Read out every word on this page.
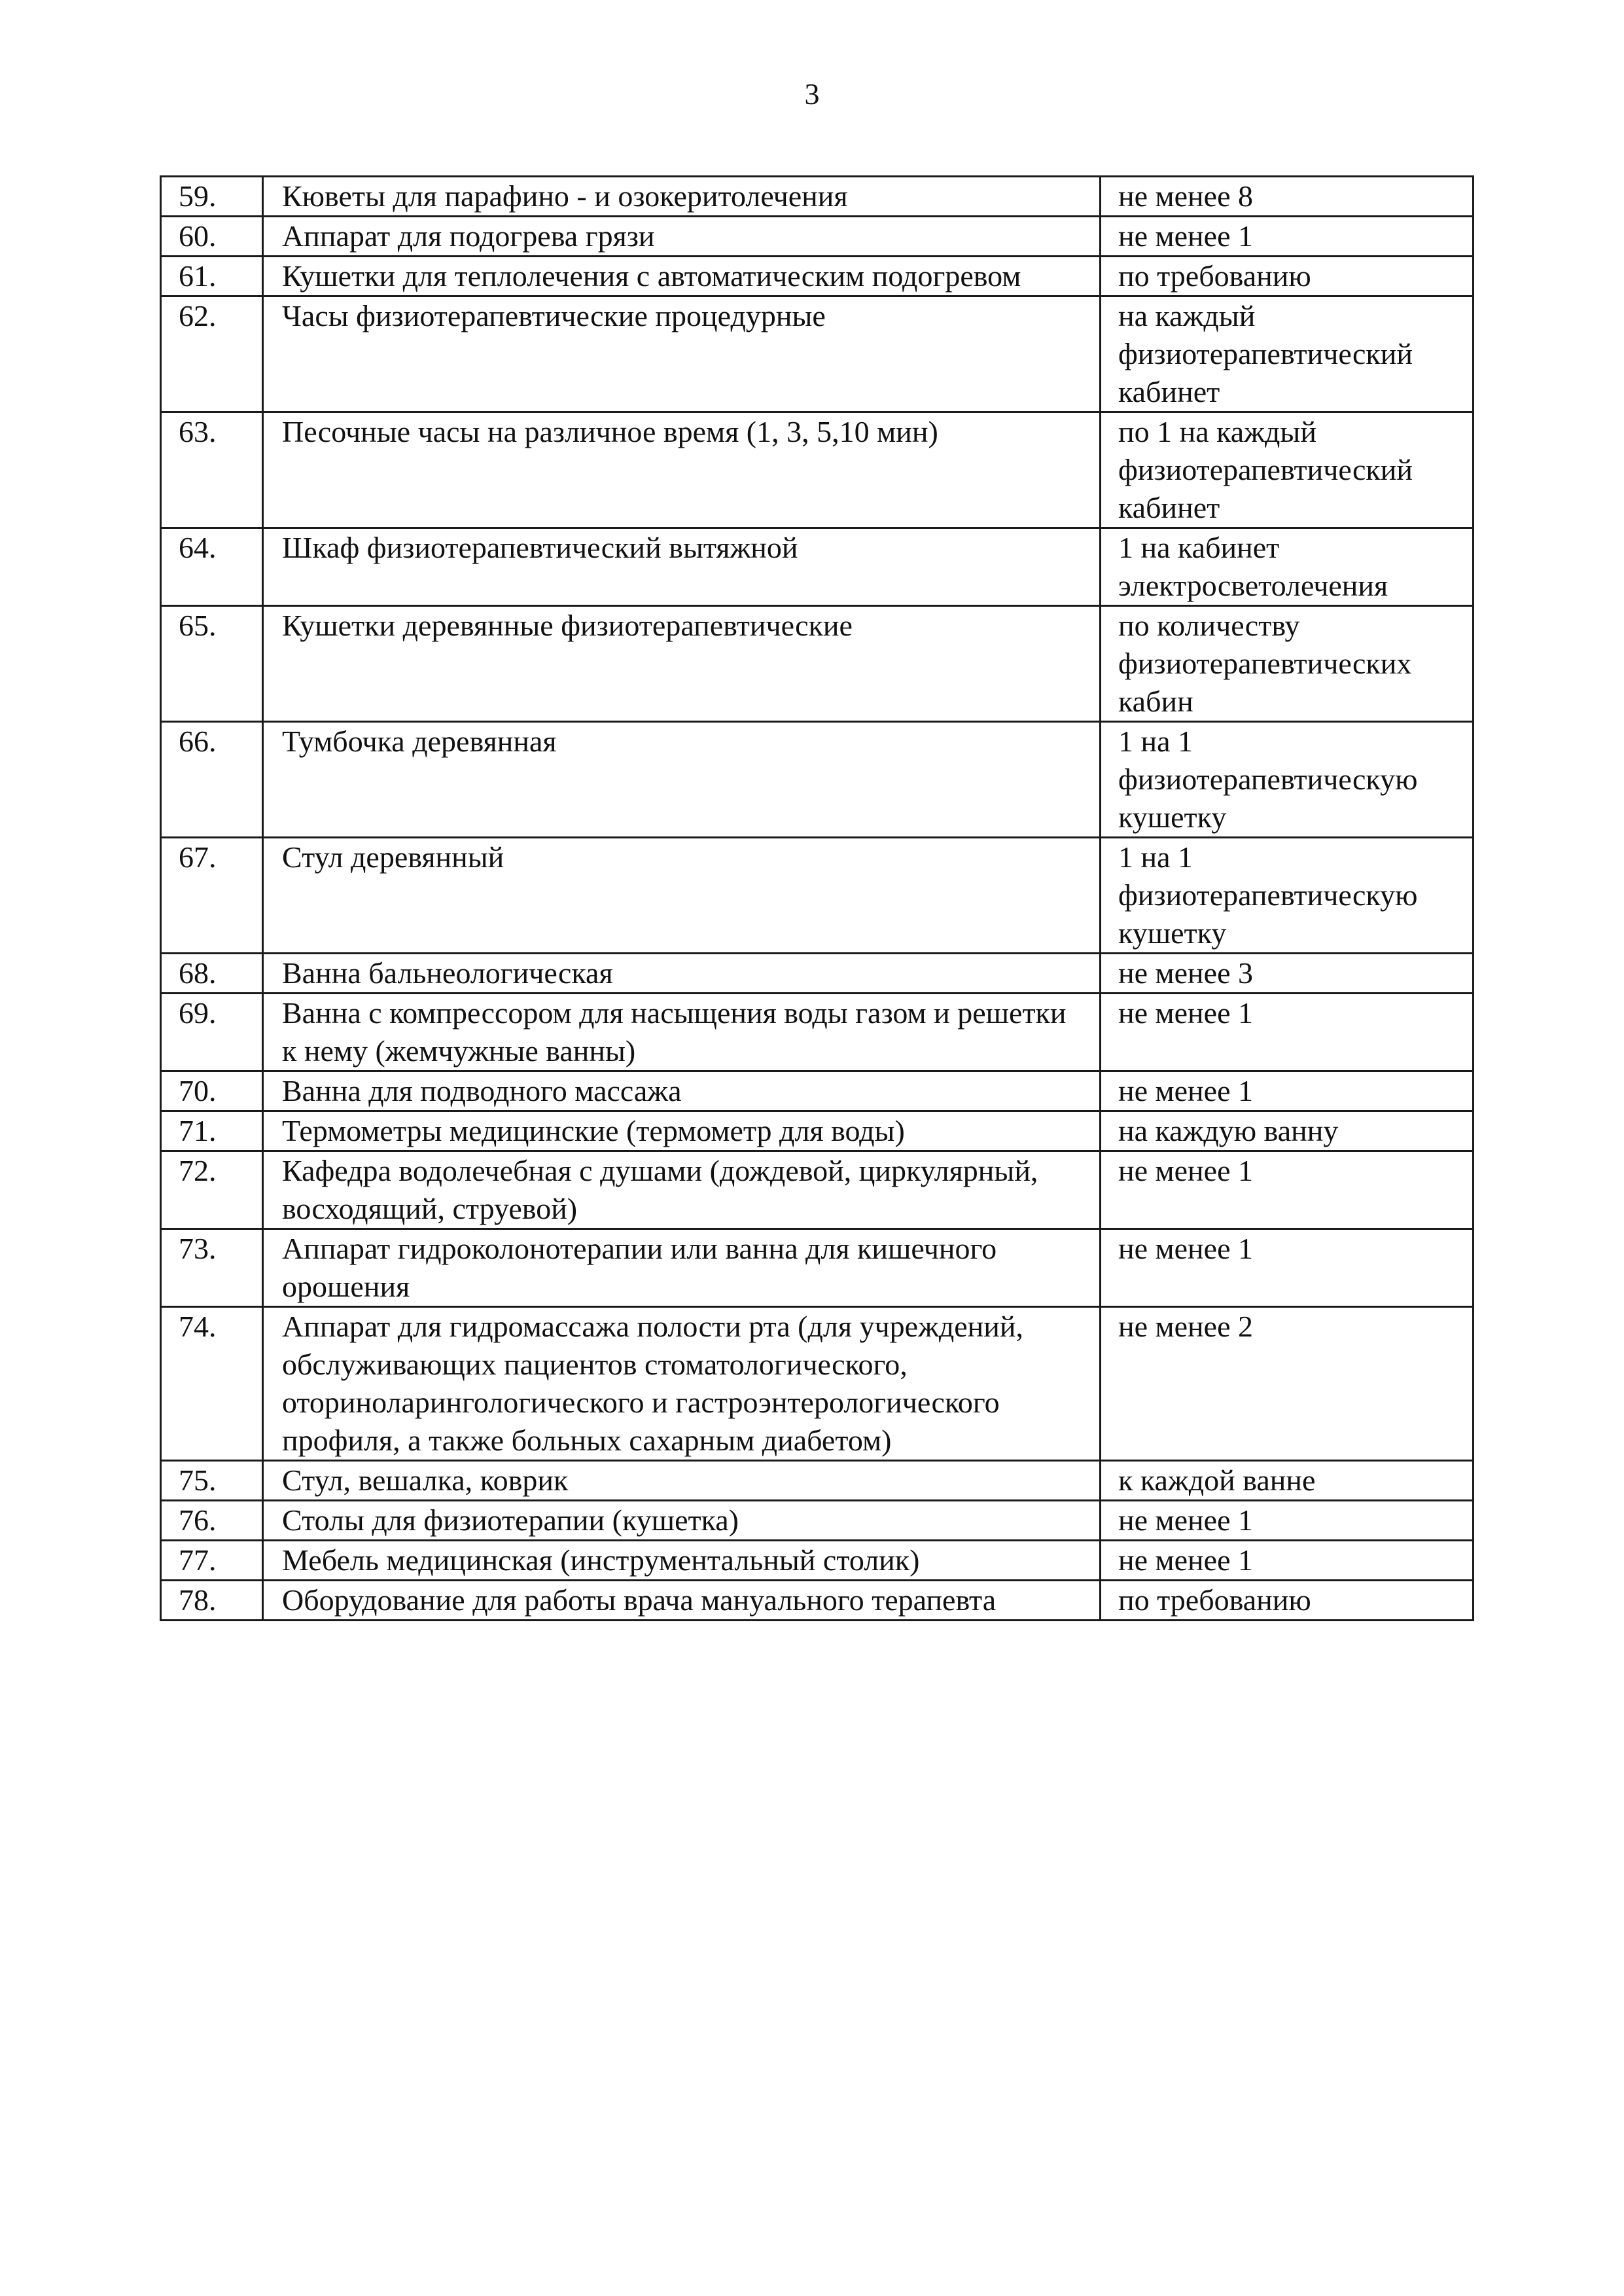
3
59.	Кюветы для парафино - и озокеритолечения	не менее 8
60.	Аппарат для подогрева грязи	не менее 1
61.	Кушетки для теплолечения с автоматическим подогревом	по требованию
62.	Часы физиотерапевтические процедурные	на каждый физиотерапевтический кабинет
63.	Песочные часы на различное время (1, 3, 5,10 мин)	по 1 на каждый физиотерапевтический кабинет
64.	Шкаф физиотерапевтический вытяжной	1 на кабинет электросветолечения
65.	Кушетки деревянные физиотерапевтические	по количеству физиотерапевтических кабин
66.	Тумбочка деревянная	1 на 1 физиотерапевтическую кушетку
67.	Стул деревянный	1 на 1 физиотерапевтическую кушетку
68.	Ванна бальнеологическая	не менее 3
69.	Ванна с компрессором для насыщения воды газом и решетки к нему (жемчужные ванны)	не менее 1
70.	Ванна для подводного массажа	не менее 1
71.	Термометры медицинские (термометр для воды)	на каждую ванну
72.	Кафедра водолечебная с душами (дождевой, циркулярный, восходящий, струевой)	не менее 1
73.	Аппарат гидроколонотерапии или ванна для кишечного орошения	не менее 1
74.	Аппарат для гидромассажа полости рта (для учреждений, обслуживающих пациентов стоматологического, оториноларингологического и гастроэнтерологического профиля, а также больных сахарным диабетом)	не менее 2
75.	Стул, вешалка, коврик	к каждой ванне
76.	Столы для физиотерапии (кушетка)	не менее 1
77.	Мебель медицинская (инструментальный столик)	не менее 1
78.	Оборудование для работы врача мануального терапевта	по требованию
